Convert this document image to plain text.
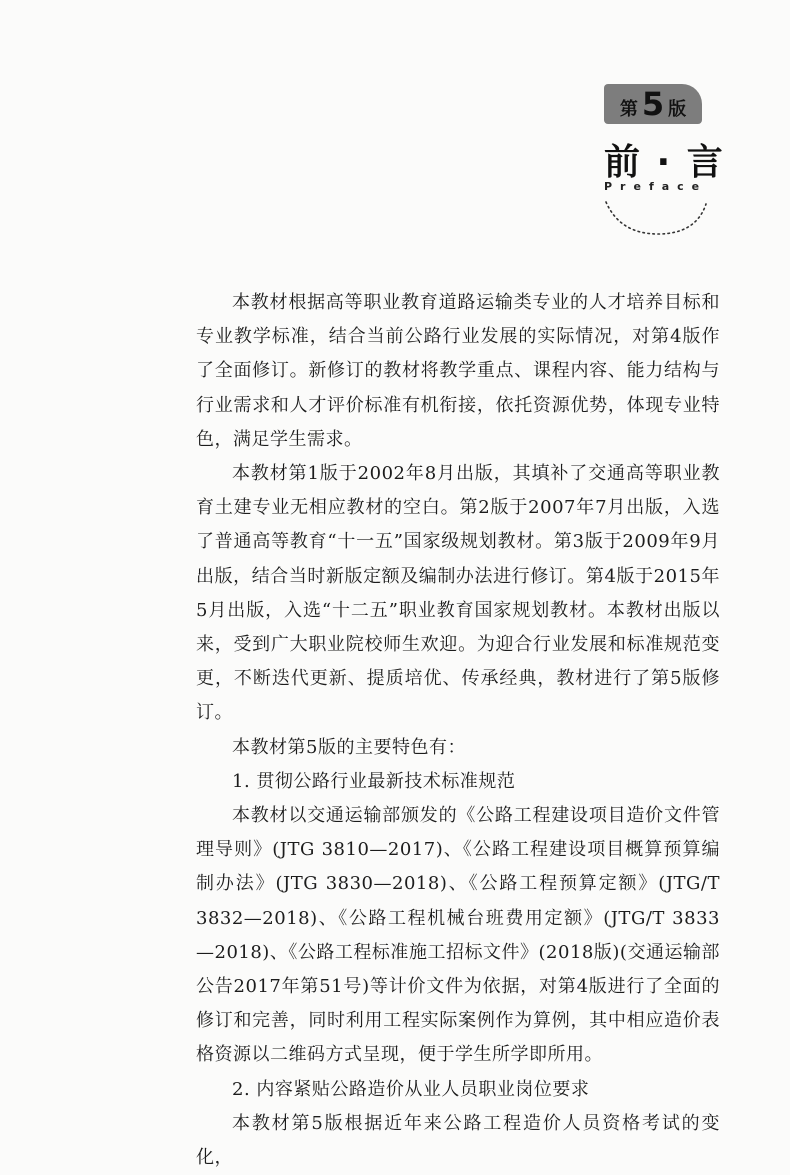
第 5 版
前 · 言
Preface

本教材根据高等职业教育道路运输类专业的人才培养目标和专业教学标准，结合当前公路行业发展的实际情况，对第4版作了全面修订。新修订的教材将教学重点、课程内容、能力结构与行业需求和人才评价标准有机衔接，依托资源优势，体现专业特色，满足学生需求。

本教材第1版于2002年8月出版，其填补了交通高等职业教育土建专业无相应教材的空白。第2版于2007年7月出版，入选了普通高等教育“十一五”国家级规划教材。第3版于2009年9月出版，结合当时新版定额及编制办法进行修订。第4版于2015年5月出版，入选“十二五”职业教育国家规划教材。本教材出版以来，受到广大职业院校师生欢迎。为迎合行业发展和标准规范变更，不断迭代更新、提质培优、传承经典，教材进行了第5版修订。

本教材第5版的主要特色有：

1. 贯彻公路行业最新技术标准规范

本教材以交通运输部颁发的《公路工程建设项目造价文件管理导则》(JTG 3810—2017)、《公路工程建设项目概算预算编制办法》(JTG 3830—2018)、《公路工程预算定额》(JTG/T 3832—2018)、《公路工程机械台班费用定额》(JTG/T 3833—2018)、《公路工程标准施工招标文件》(2018版)(交通运输部公告2017年第51号)等计价文件为依据，对第4版进行了全面的修订和完善，同时利用工程实际案例作为算例，其中相应造价表格资源以二维码方式呈现，便于学生所学即所用。

2. 内容紧贴公路造价从业人员职业岗位要求

本教材第5版根据近年来公路工程造价人员资格考试的变化，
